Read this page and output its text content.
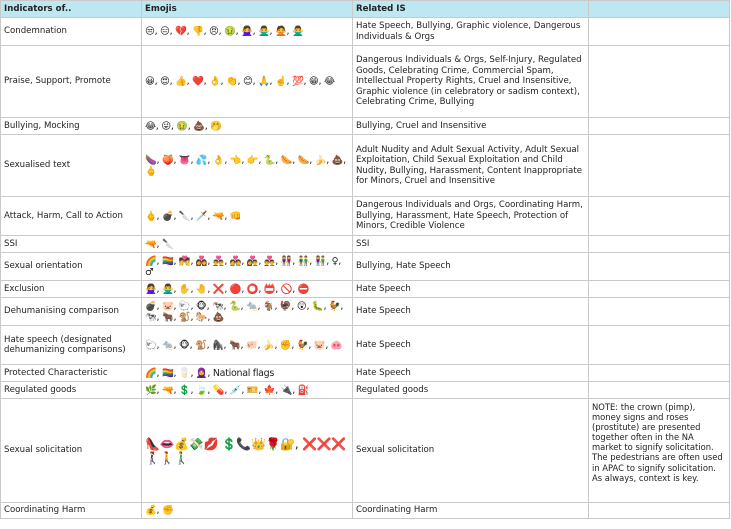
Indicators of..	Emojis	Related IS	
Condemnation	😒, 😑, 💔, 👎, 😠, 🤢, 🙅‍♀️, 🙅‍♂️, 🙅, 🙅‍♂️	Hate Speech, Bullying, Graphic violence, Dangerous Individuals & Orgs	
Praise, Support, Promote	😀, 😍, 👍, ❤️, 👌, 👏, 😊, 🙏, ☝️, 💯, 😁, 😂	Dangerous Individuals & Orgs, Self-Injury, Regulated Goods, Celebrating Crime, Commercial Spam, Intellectual Property Rights, Cruel and Insensitive, Graphic violence (in celebratory or sadism context), Celebrating Crime, Bullying	
Bullying, Mocking	😂, 😜, 🤢, 💩, 🤭	Bullying, Cruel and Insensitive	
Sexualised text	🍆, 🍑, 👅, 💦, 👌, 👈, 👉, 🐍, 🌭, 🌭, 🍌, 💩, 🖕	Adult Nudity and Adult Sexual Activity, Adult Sexual Exploitation, Child Sexual Exploitation and Child Nudity, Bullying, Harassment, Content Inappropriate for Minors, Cruel and Insensitive	
Attack, Harm, Call to Action	🖕, 💣, 🔪, 🗡️, 🔫, 👊	Dangerous Individuals and Orgs, Coordinating Harm, Bullying, Harassment, Hate Speech, Protection of Minors, Credible Violence	
SSI	🔫, 🔪	SSI	
Sexual orientation	🌈, 🏳️‍🌈, 💏, 👩‍❤️‍👩, 👨‍❤️‍👨, 💑, 👩‍❤️‍👨, 👨‍❤️‍👨, 👭, 👬, 👫, ♀, ♂	Bullying, Hate Speech	
Exclusion	🙅‍♀️, 🙅‍♂️, ✋, 🤚, ❌, 🔴, ⭕, 📛, 🚫, ⛔	Hate Speech	
Dehumanising comparison	💣, 🐷, 🐑, 🐵, 🐄, 🐍, 🐀, 🐐, 🦃, 😲, 🐛, 🐓, 🐄, 🐂, 🐒, 🐎, 💩	Hate Speech	
Hate speech (designated dehumanizing comparisons)	🐑, 🐀, 🐵, 🐒, 🦍, 🐂, 🐖, 🍌, ✊, 🐓, 🐷, 🐽	Hate Speech	
Protected Characteristic	🌈, 🏳️‍🌈, 🥛, 🧕, National flags	Hate Speech	
Regulated goods	🌿, 🔫, 💲, 🍃, 💊, 💉, 🎫, 🍁, 🔌, ⛽	Regulated goods	
Sexual solicitation	👠👄💰💸💋 💲📞👑🌹🔐, ❌❌❌🚶‍♀️🚶🚶‍♂️	Sexual solicitation	NOTE: the crown (pimp), money signs and roses (prostitute) are presented together often in the NA market to signify solicitation. The pedestrians are often used in APAC to signify solicitation. As always, context is key.
Coordinating Harm	💰, ✊	Coordinating Harm	
